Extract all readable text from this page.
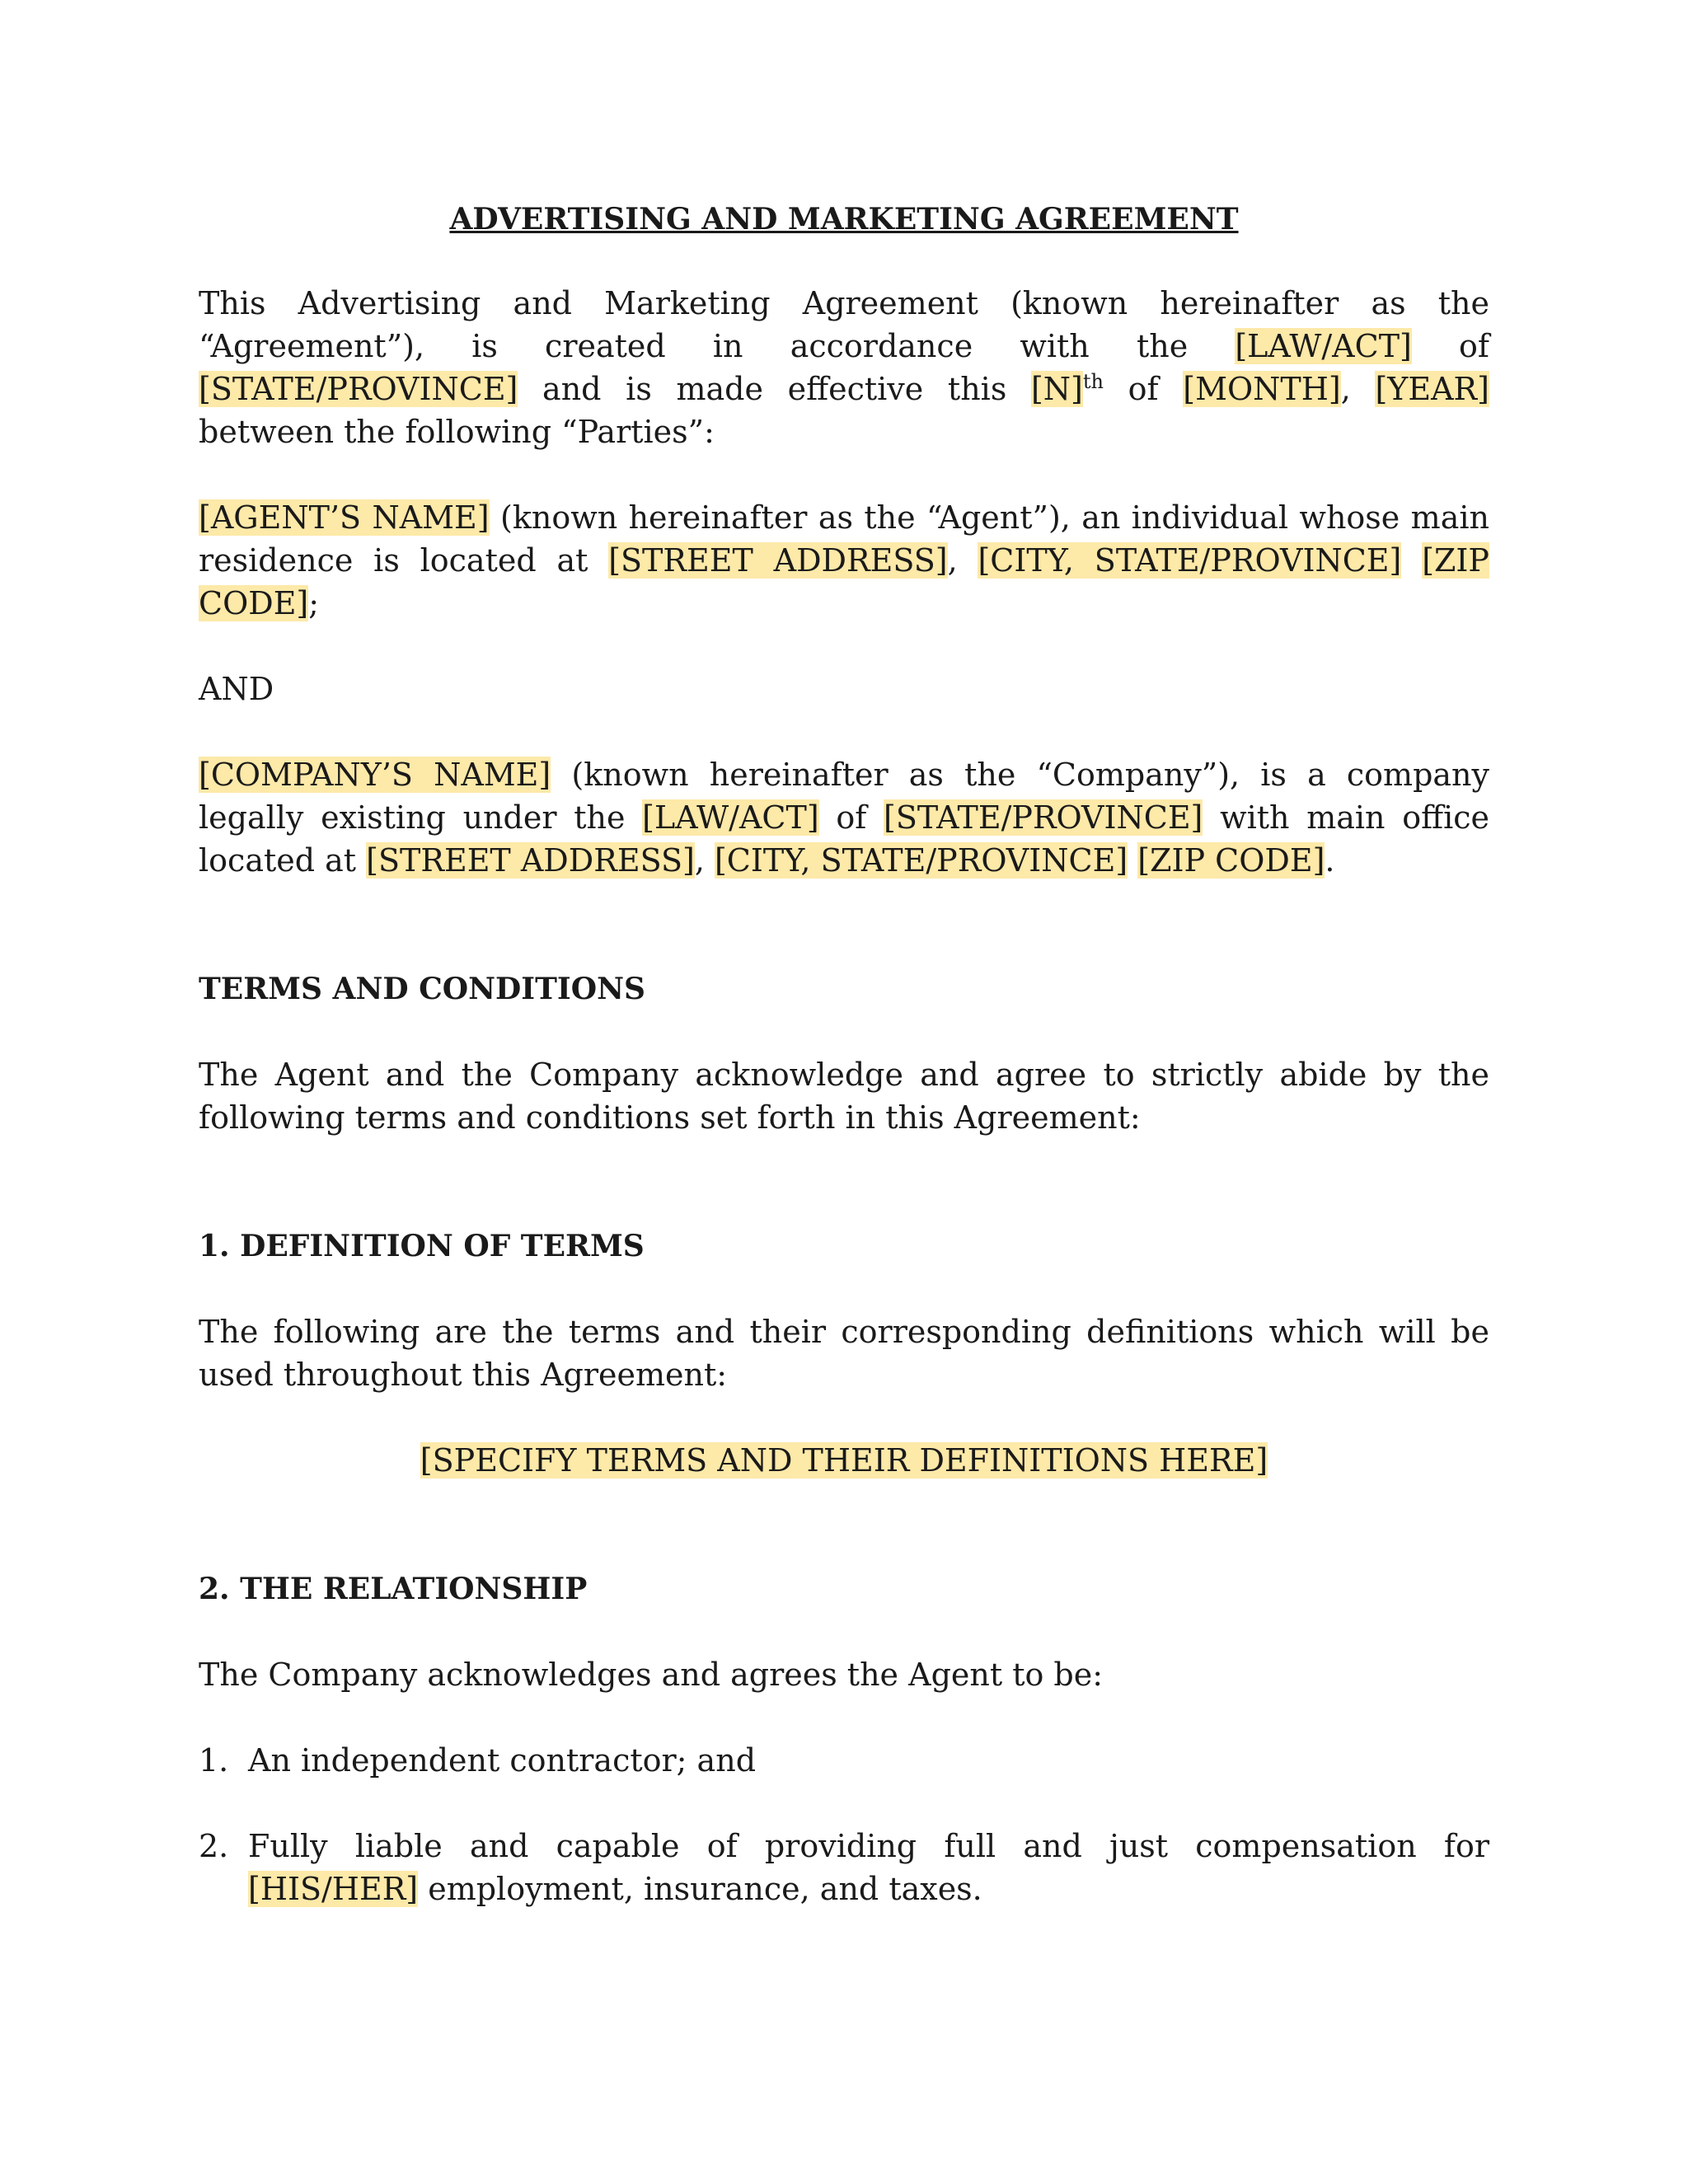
ADVERTISING AND MARKETING AGREEMENT

This Advertising and Marketing Agreement (known hereinafter as the “Agreement”), is created in accordance with the [LAW/ACT] of [STATE/PROVINCE] and is made effective this $[N]^{th}$ of [MONTH], [YEAR] between the following “Parties”:

[AGENT’S NAME] (known hereinafter as the “Agent”), an individual whose main residence is located at [STREET ADDRESS], [CITY, STATE/PROVINCE] [ZIP CODE];

AND

[COMPANY’S NAME] (known hereinafter as the “Company”), is a company legally existing under the [LAW/ACT] of [STATE/PROVINCE] with main office located at [STREET ADDRESS], [CITY, STATE/PROVINCE] [ZIP CODE].

TERMS AND CONDITIONS

The Agent and the Company acknowledge and agree to strictly abide by the following terms and conditions set forth in this Agreement:

1. DEFINITION OF TERMS

The following are the terms and their corresponding definitions which will be used throughout this Agreement:

[SPECIFY TERMS AND THEIR DEFINITIONS HERE]

2. THE RELATIONSHIP

The Company acknowledges and agrees the Agent to be:

1. An independent contractor; and
2. Fully liable and capable of providing full and just compensation for [HIS/HER] employment, insurance, and taxes.
